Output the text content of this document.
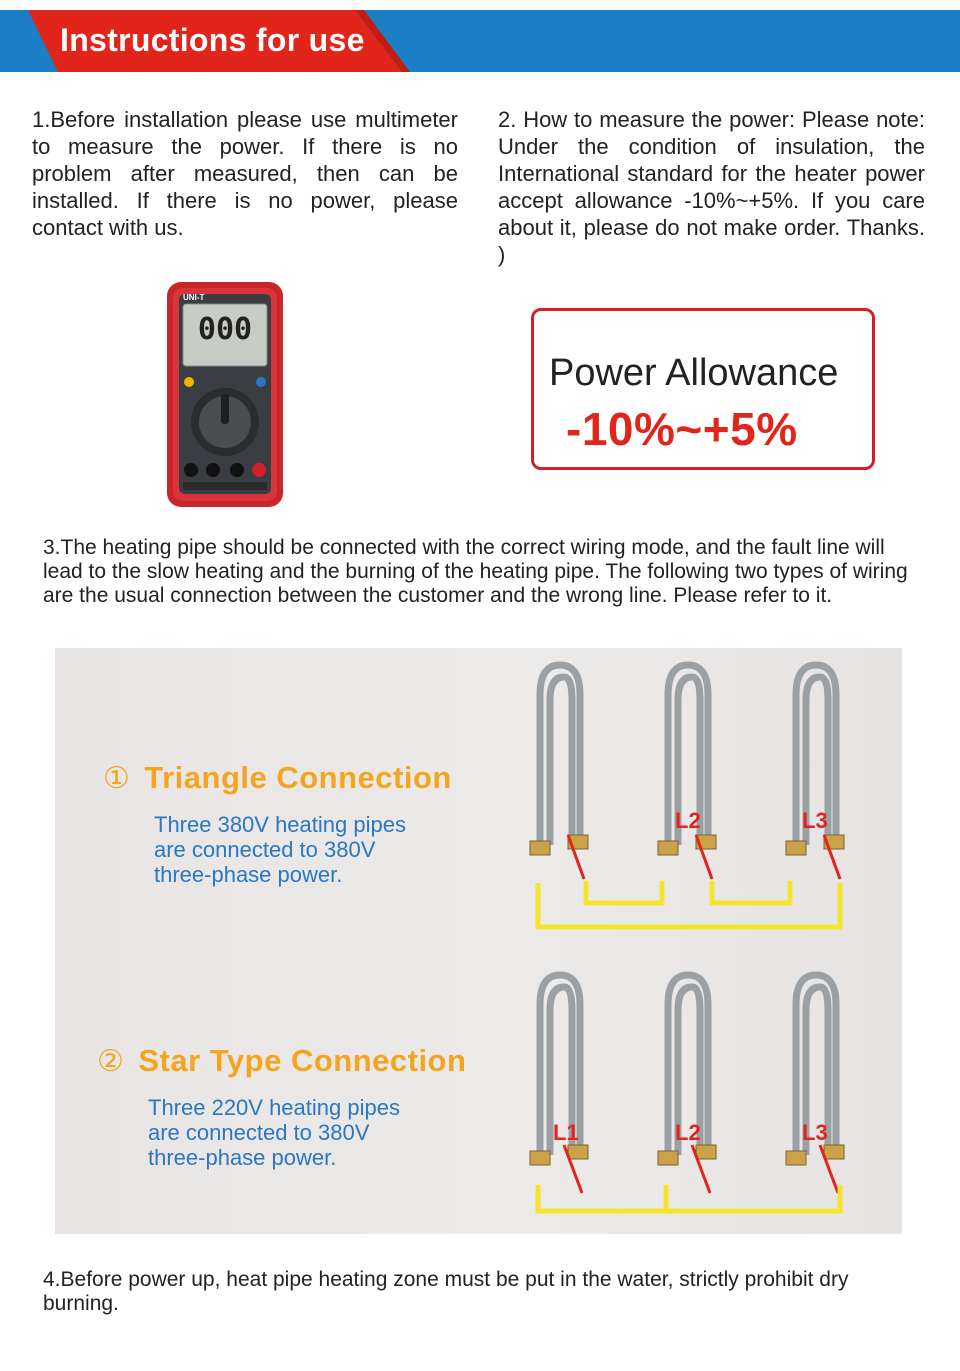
Instructions for use
1.Before installation please use multimeter to measure the power. If there is no problem after measured, then can be installed. If there is no power, please contact with us.
2. How to measure the power: Please note: Under the condition of insulation, the International standard for the heater power accept allowance -10%~+5%. If you care about it, please do not make order. Thanks. )
UNI-T
000
Power Allowance
-10%~+5%
3.The heating pipe should be connected with the correct wiring mode, and the fault line will lead to the slow heating and the burning of the heating pipe. The following two types of wiring are the usual connection between the customer and the wrong line. Please refer to it.
① Triangle Connection
Three 380V heating pipes
are connected to 380V
three-phase power.
L2	L3
② Star Type Connection
Three 220V heating pipes
are connected to 380V
three-phase power.
L1	L2	L3
4.Before power up, heat pipe heating zone must be put in the water, strictly prohibit dry burning.
